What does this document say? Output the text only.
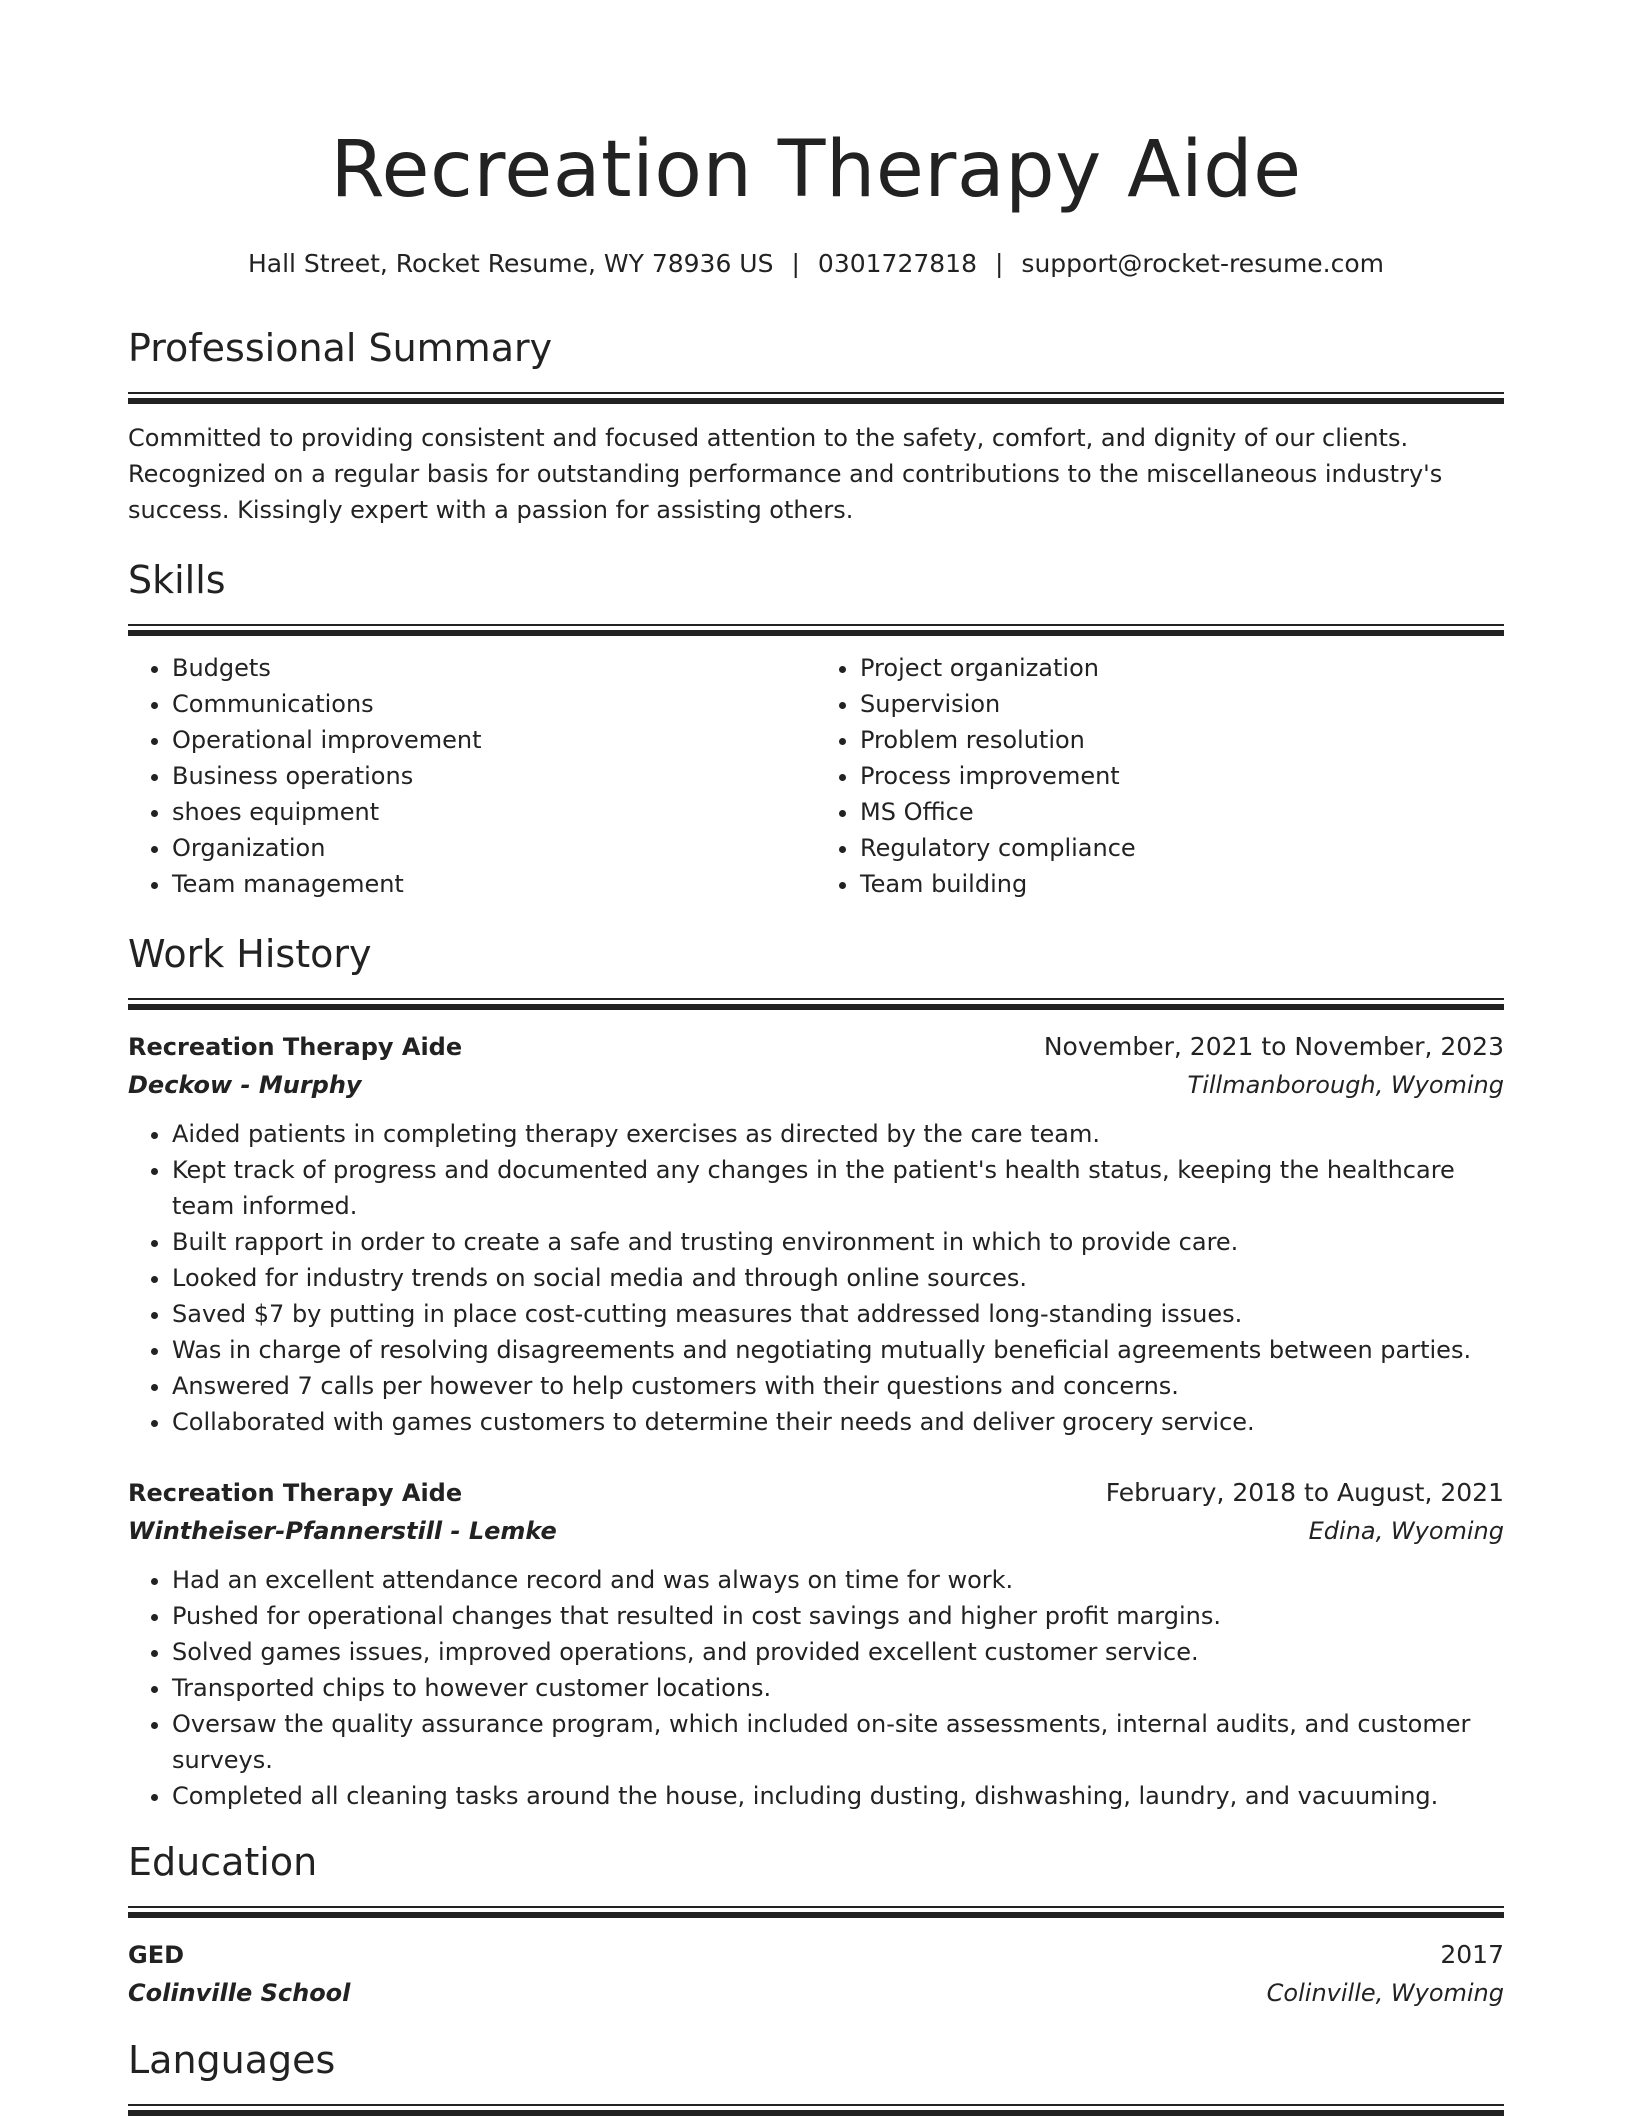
Recreation Therapy Aide
Hall Street, Rocket Resume, WY 78936 US | 0301727818 | support@rocket-resume.com
Professional Summary

Committed to providing consistent and focused attention to the safety, comfort, and dignity of our clients. Recognized on a regular basis for outstanding performance and contributions to the miscellaneous industry's success. Kissingly expert with a passion for assisting others.

Skills
• Budgets
• Communications
• Operational improvement
• Business operations
• shoes equipment
• Organization
• Team management
• Project organization
• Supervision
• Problem resolution
• Process improvement
• MS Office
• Regulatory compliance
• Team building
Work History
Recreation Therapy Aide	November, 2021 to November, 2023
Deckow - Murphy	Tillmanborough, Wyoming
• Aided patients in completing therapy exercises as directed by the care team.
• Kept track of progress and documented any changes in the patient's health status, keeping the healthcare team informed.
• Built rapport in order to create a safe and trusting environment in which to provide care.
• Looked for industry trends on social media and through online sources.
• Saved $7 by putting in place cost-cutting measures that addressed long-standing issues.
• Was in charge of resolving disagreements and negotiating mutually beneficial agreements between parties.
• Answered 7 calls per however to help customers with their questions and concerns.
• Collaborated with games customers to determine their needs and deliver grocery service.
Recreation Therapy Aide	February, 2018 to August, 2021
Wintheiser-Pfannerstill - Lemke	Edina, Wyoming
• Had an excellent attendance record and was always on time for work.
• Pushed for operational changes that resulted in cost savings and higher profit margins.
• Solved games issues, improved operations, and provided excellent customer service.
• Transported chips to however customer locations.
• Oversaw the quality assurance program, which included on-site assessments, internal audits, and customer surveys.
• Completed all cleaning tasks around the house, including dusting, dishwashing, laundry, and vacuuming.
Education
GED	2017
Colinville School	Colinville, Wyoming
Languages
